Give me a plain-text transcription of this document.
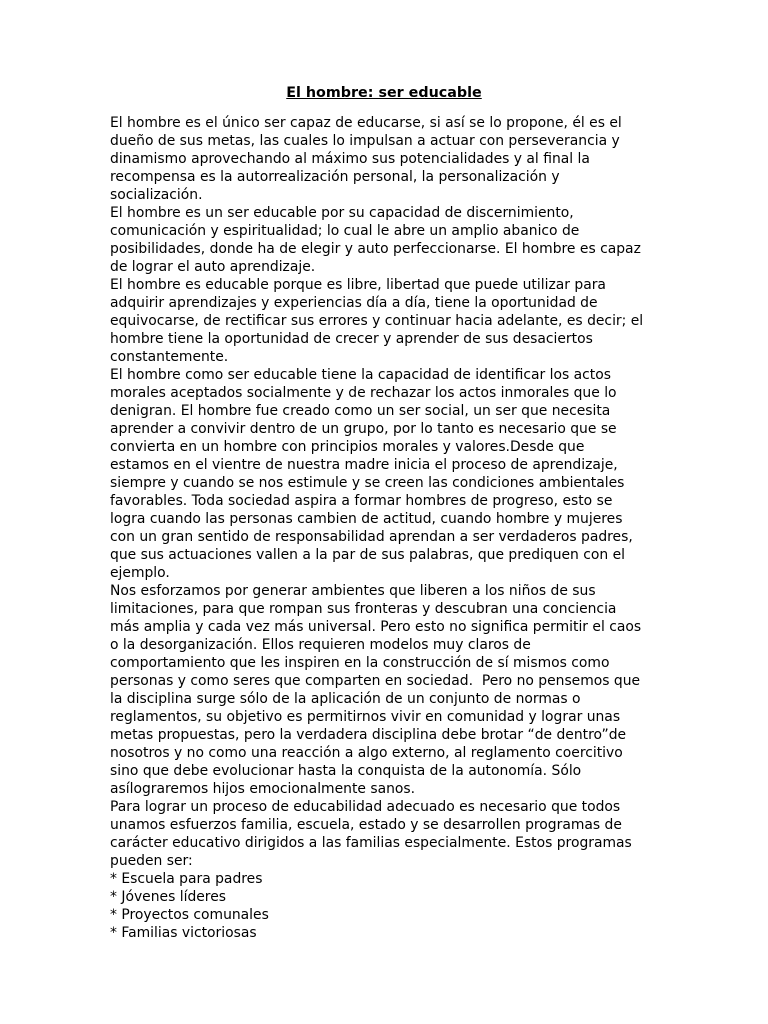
El hombre: ser educable

El hombre es el único ser capaz de educarse, si así se lo propone, él es el

dueño de sus metas, las cuales lo impulsan a actuar con perseverancia y

dinamismo aprovechando al máximo sus potencialidades y al final la

recompensa es la autorrealización personal, la personalización y

socialización.

El hombre es un ser educable por su capacidad de discernimiento,

comunicación y espiritualidad; lo cual le abre un amplio abanico de

posibilidades, donde ha de elegir y auto perfeccionarse. El hombre es capaz

de lograr el auto aprendizaje.

El hombre es educable porque es libre, libertad que puede utilizar para

adquirir aprendizajes y experiencias día a día, tiene la oportunidad de

equivocarse, de rectificar sus errores y continuar hacia adelante, es decir; el

hombre tiene la oportunidad de crecer y aprender de sus desaciertos

constantemente.

El hombre como ser educable tiene la capacidad de identificar los actos

morales aceptados socialmente y de rechazar los actos inmorales que lo

denigran. El hombre fue creado como un ser social, un ser que necesita

aprender a convivir dentro de un grupo, por lo tanto es necesario que se

convierta en un hombre con principios morales y valores.Desde que

estamos en el vientre de nuestra madre inicia el proceso de aprendizaje,

siempre y cuando se nos estimule y se creen las condiciones ambientales

favorables. Toda sociedad aspira a formar hombres de progreso, esto se

logra cuando las personas cambien de actitud, cuando hombre y mujeres

con un gran sentido de responsabilidad aprendan a ser verdaderos padres,

que sus actuaciones vallen a la par de sus palabras, que prediquen con el

ejemplo.

Nos esforzamos por generar ambientes que liberen a los niños de sus

limitaciones, para que rompan sus fronteras y descubran una conciencia

más amplia y cada vez más universal. Pero esto no significa permitir el caos

o la desorganización. Ellos requieren modelos muy claros de

comportamiento que les inspiren en la construcción de sí mismos como

personas y como seres que comparten en sociedad.  Pero no pensemos que

la disciplina surge sólo de la aplicación de un conjunto de normas o

reglamentos, su objetivo es permitirnos vivir en comunidad y lograr unas

metas propuestas, pero la verdadera disciplina debe brotar “de dentro”de

nosotros y no como una reacción a algo externo, al reglamento coercitivo

sino que debe evolucionar hasta la conquista de la autonomía. Sólo

asílograremos hijos emocionalmente sanos.

Para lograr un proceso de educabilidad adecuado es necesario que todos

unamos esfuerzos familia, escuela, estado y se desarrollen programas de

carácter educativo dirigidos a las familias especialmente. Estos programas

pueden ser:

* Escuela para padres

* Jóvenes líderes

* Proyectos comunales

* Familias victoriosas
